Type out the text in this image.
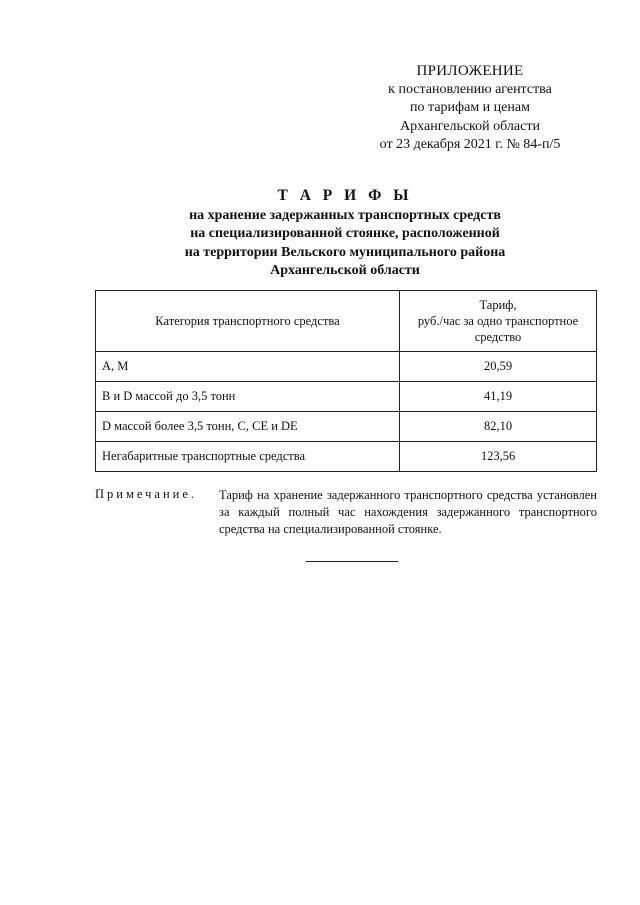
ПРИЛОЖЕНИЕ
к постановлению агентства
по тарифам и ценам
Архангельской области
от 23 декабря 2021 г. № 84-п/5
Т А Р И Ф Ы
на хранение задержанных транспортных средств
на специализированной стоянке, расположенной
на территории Вельского муниципального района
Архангельской области
Категория транспортного средства	Тариф,
руб./час за одно транспортное
средство
A, M	20,59
B и D массой до 3,5 тонн	41,19
D массой более 3,5 тонн, C, CE и DE	82,10
Негабаритные транспортные средства	123,56
Примечание. Тариф на хранение задержанного транспортного средства установлен за каждый полный час нахождения задержанного транспортного средства на специализированной стоянке.
